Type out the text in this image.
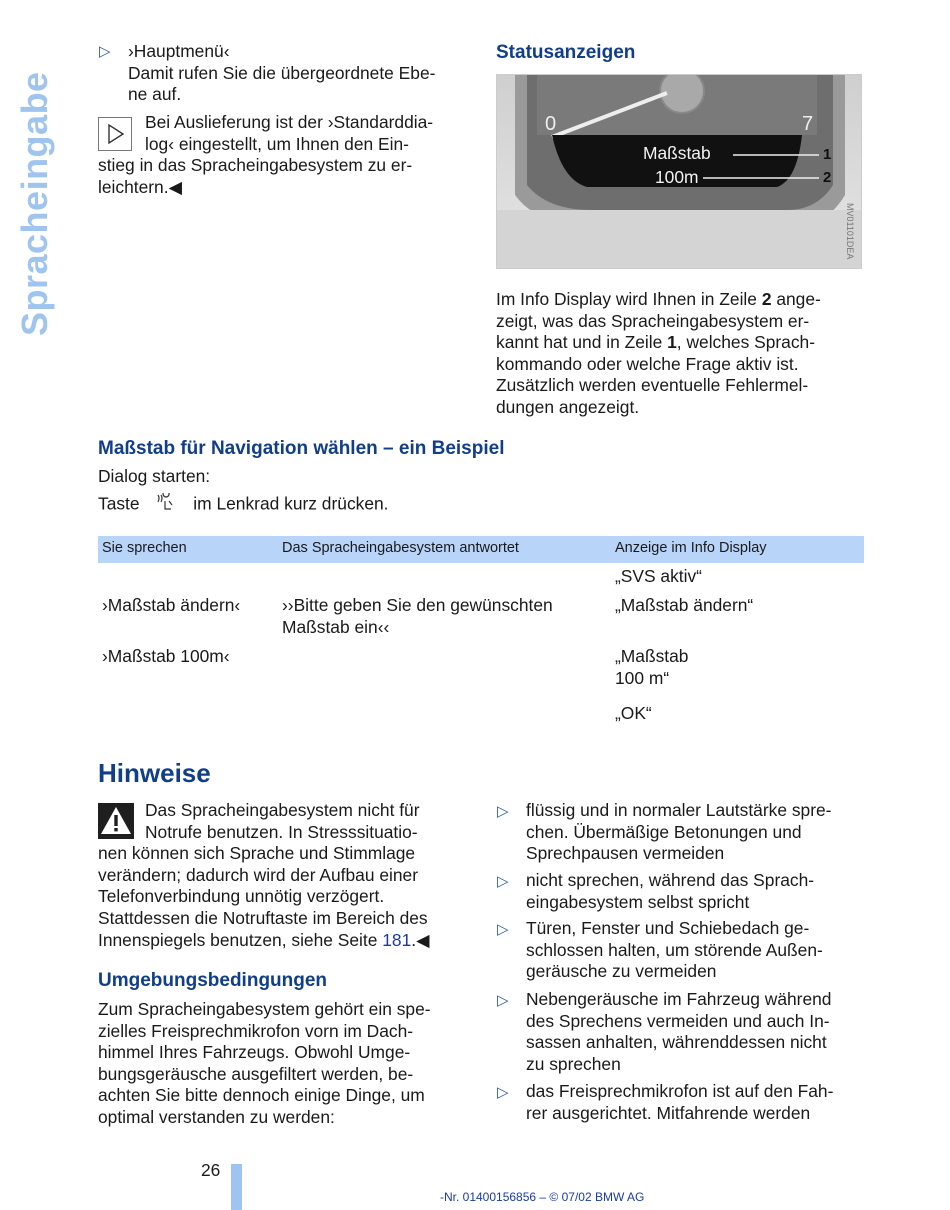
Spracheingabe
▷ ›Hauptmenü‹
Damit rufen Sie die übergeordnete Ebe-
ne auf.
Bei Auslieferung ist der ›Standarddia-
log‹ eingestellt, um Ihnen den Ein-
stieg in das Spracheingabesystem zu er-
leichtern.◀
Statusanzeigen
Maßstab
100m
1
2
0	7
MV01101DEA
Im Info Display wird Ihnen in Zeile 2 ange-
zeigt, was das Spracheingabesystem er-
kannt hat und in Zeile 1, welches Sprach-
kommando oder welche Frage aktiv ist.
Zusätzlich werden eventuelle Fehlermel-
dungen angezeigt.
Maßstab für Navigation wählen – ein Beispiel
Dialog starten:
Taste	im Lenkrad kurz drücken.
Sie sprechen	Das Spracheingabesystem antwortet	Anzeige im Info Display
		„SVS aktiv“
›Maßstab ändern‹	››Bitte geben Sie den gewünschten
Maßstab ein‹‹	„Maßstab ändern“
›Maßstab 100m‹		„Maßstab
100 m“
		„OK“
Hinweise
Das Spracheingabesystem nicht für
Notrufe benutzen. In Stresssituatio-
nen können sich Sprache und Stimmlage
verändern; dadurch wird der Aufbau einer
Telefonverbindung unnötig verzögert.
Stattdessen die Notruftaste im Bereich des
Innenspiegels benutzen, siehe Seite 181.◀
Umgebungsbedingungen
Zum Spracheingabesystem gehört ein spe-
zielles Freisprechmikrofon vorn im Dach-
himmel Ihres Fahrzeugs. Obwohl Umge-
bungsgeräusche ausgefiltert werden, be-
achten Sie bitte dennoch einige Dinge, um
optimal verstanden zu werden:
▷ flüssig und in normaler Lautstärke spre-
chen. Übermäßige Betonungen und
Sprechpausen vermeiden
▷ nicht sprechen, während das Sprach-
eingabesystem selbst spricht
▷ Türen, Fenster und Schiebedach ge-
schlossen halten, um störende Außen-
geräusche zu vermeiden
▷ Nebengeräusche im Fahrzeug während
des Sprechens vermeiden und auch In-
sassen anhalten, währenddessen nicht
zu sprechen
▷ das Freisprechmikrofon ist auf den Fah-
rer ausgerichtet. Mitfahrende werden
26
-Nr. 01400156856 – © 07/02 BMW AG
